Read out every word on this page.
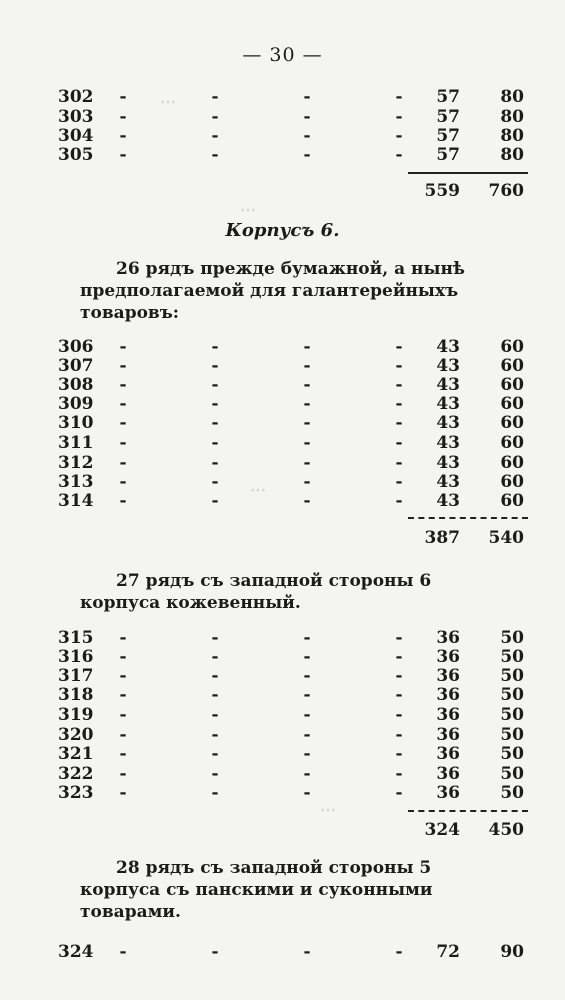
— 30 —
⋯
⋯
⋯
⋯
302 -	-	-	-	57	80
303 -	-	-	-	57	80
304 -	-	-	-	57	80
305 -	-	-	-	57	80
559	760
Корпусъ 6.
26 рядъ прежде бумажной, а нынѣ
предполагаемой для галантерейныхъ
товаровъ:
306 -	-	-	-	43	60
307 -	-	-	-	43	60
308 -	-	-	-	43	60
309 -	-	-	-	43	60
310 -	-	-	-	43	60
311 -	-	-	-	43	60
312 -	-	-	-	43	60
313 -	-	-	-	43	60
314 -	-	-	-	43	60
387	540
27 рядъ съ западной стороны 6
корпуса кожевенный.
315 -	-	-	-	36	50
316 -	-	-	-	36	50
317 -	-	-	-	36	50
318 -	-	-	-	36	50
319 -	-	-	-	36	50
320 -	-	-	-	36	50
321 -	-	-	-	36	50
322 -	-	-	-	36	50
323 -	-	-	-	36	50
324	450
28 рядъ съ западной стороны 5
корпуса съ панскими и суконными
товарами.
324 -	-	-	-	72	90
